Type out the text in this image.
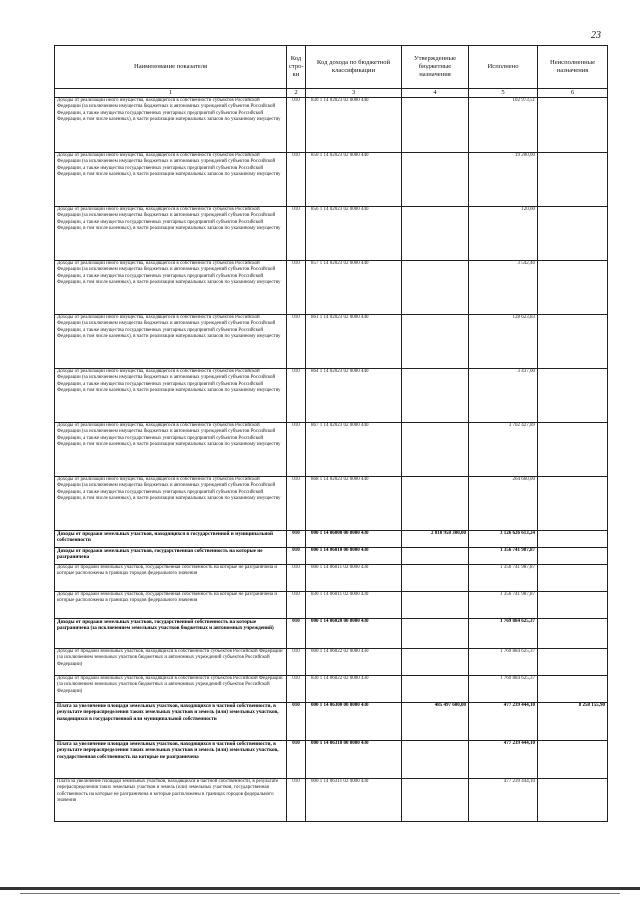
23
Наименование показателя	Код стро-ки	Код дохода по бюджетной классификации	Утвержденные бюджетные назначения	Исполнено	Неисполненные назначения
1	2	3	4	5	6
Доходы от реализации иного имущества, находящегося в собственности субъектов Российской Федерации (за исключением имущества бюджетных и автономных учреждений субъектов Российской Федерации, а также имущества государственных унитарных предприятий субъектов Российской Федерации, в том числе казенных), в части реализации материальных запасов по указанному имуществу	010	830 1 14 02023 02 0000 440		102 973,51	
Доходы от реализации иного имущества, находящегося в собственности субъектов Российской Федерации (за исключением имущества бюджетных и автономных учреждений субъектов Российской Федерации, а также имущества государственных унитарных предприятий субъектов Российской Федерации, в том числе казенных), в части реализации материальных запасов по указанному имуществу	010	850 1 14 02023 02 0000 440		19 200,00	
Доходы от реализации иного имущества, находящегося в собственности субъектов Российской Федерации (за исключением имущества бюджетных и автономных учреждений субъектов Российской Федерации, а также имущества государственных унитарных предприятий субъектов Российской Федерации, в том числе казенных), в части реализации материальных запасов по указанному имуществу	010	856 1 14 02023 02 0000 440		120,00	
Доходы от реализации иного имущества, находящегося в собственности субъектов Российской Федерации (за исключением имущества бюджетных и автономных учреждений субъектов Российской Федерации, а также имущества государственных унитарных предприятий субъектов Российской Федерации, в том числе казенных), в части реализации материальных запасов по указанному имуществу	010	857 1 14 02023 02 0000 440		3 542,40	
Доходы от реализации иного имущества, находящегося в собственности субъектов Российской Федерации (за исключением имущества бюджетных и автономных учреждений субъектов Российской Федерации, а также имущества государственных унитарных предприятий субъектов Российской Федерации, в том числе казенных), в части реализации материальных запасов по указанному имуществу	010	861 1 14 02023 02 0000 440		128 623,83	
Доходы от реализации иного имущества, находящегося в собственности субъектов Российской Федерации (за исключением имущества бюджетных и автономных учреждений субъектов Российской Федерации, а также имущества государственных унитарных предприятий субъектов Российской Федерации, в том числе казенных), в части реализации материальных запасов по указанному имуществу	010	864 1 14 02023 02 0000 440		3 437,00	
Доходы от реализации иного имущества, находящегося в собственности субъектов Российской Федерации (за исключением имущества бюджетных и автономных учреждений субъектов Российской Федерации, а также имущества государственных унитарных предприятий субъектов Российской Федерации, в том числе казенных), в части реализации материальных запасов по указанному имуществу	010	867 1 14 02023 02 0000 440		3 702 427,89	
Доходы от реализации иного имущества, находящегося в собственности субъектов Российской Федерации (за исключением имущества бюджетных и автономных учреждений субъектов Российской Федерации, а также имущества государственных унитарных предприятий субъектов Российской Федерации, в том числе казенных), в части реализации материальных запасов по указанному имуществу	010	868 1 14 02023 02 0000 440		264 660,00	
Доходы от продажи земельных участков, находящихся в государственной и муниципальной собственности	010	000 1 14 06000 00 0000 430	2 810 958 300,00	3 126 626 613,24	
Доходы от продажи земельных участков, государственная собственность на которые не разграничена	010	000 1 14 06010 00 0000 430		1 356 741 987,87	
Доходы от продажи земельных участков, государственная собственность на которые не разграничена и которые расположены в границах городов федерального значения	010	000 1 14 06011 02 0000 430		1 356 741 987,87	
Доходы от продажи земельных участков, государственная собственность на которые не разграничена и которые расположены в границах городов федерального значения	010	830 1 14 06011 02 0000 430		1 356 741 987,87	
Доходы от продажи земельных участков, государственной собственность на которые разграничена (за исключением земельных участков бюджетных и автономных учреждений)	010	000 1 14 06020 00 0000 430		1 769 884 625,37	
Доходы от продажи земельных участков, находящихся в собственности субъектов Российской Федерации (за исключением земельных участков бюджетных и автономных учреждений субъектов Российской Федерации)	010	000 1 14 06022 02 0000 430		1 769 884 625,37	
Доходы от продажи земельных участков, находящихся в собственности субъектов Российской Федерации (за исключением земельных участков бюджетных и автономных учреждений субъектов Российской Федерации)	010	830 1 14 06022 02 0000 430		1 769 884 625,37	
Плата за увеличение площади земельных участков, находящихся в частной собственности, в результате перераспределения таких земельных участков и земель (или) земельных участков, находящихся в государственной или муниципальной собственности	010	000 1 14 06300 00 0000 430	485 497 600,00	477 239 444,10	8 258 155,90
Плата за увеличение площади земельных участков, находящихся в частной собственности, в результате перераспределения таких земельных участков и земель (или) земельных участков, государственная собственность на которые не разграничена	010	000 1 14 06310 00 0000 430		477 239 444,10	
Плата за увеличение площади земельных участков, находящихся в частной собственности, в результате перераспределения таких земельных участков и земель (или) земельных участков, государственная собственность на которые не разграничена и которые расположены в границах городов федерального значения	010	000 1 14 06311 02 0000 430		477 239 444,10	
